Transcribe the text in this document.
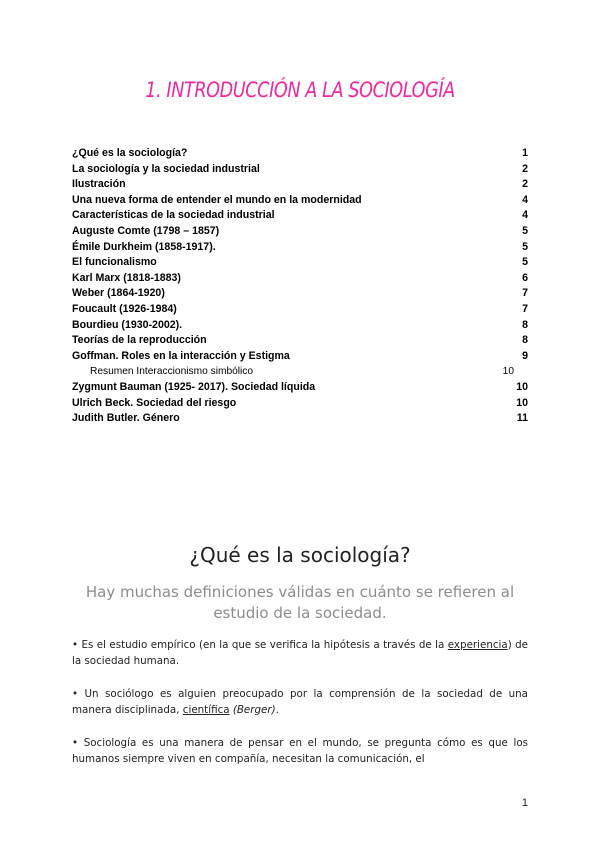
1. INTRODUCCIÓN A LA SOCIOLOGÍA
¿Qué es la sociología?	1
La sociología y la sociedad industrial	2
Ilustración	2
Una nueva forma de entender el mundo en la modernidad	4
Características de la sociedad industrial	4
Auguste Comte (1798 – 1857)	5
Émile Durkheim (1858-1917).	5
El funcionalismo	5
Karl Marx (1818-1883)	6
Weber (1864-1920)	7
Foucault (1926-1984)	7
Bourdieu (1930-2002).	8
Teorías de la reproducción	8
Goffman. Roles en la interacción y Estigma	9
Resumen Interaccionismo simbólico	10
Zygmunt Bauman (1925- 2017). Sociedad líquida	10
Ulrich Beck. Sociedad del riesgo	10
Judith Butler. Género	11
¿Qué es la sociología?
Hay muchas definiciones válidas en cuánto se refieren al estudio de la sociedad.

• Es el estudio empírico (en la que se verifica la hipótesis a través de la experiencia) de la sociedad humana.

• Un sociólogo es alguien preocupado por la comprensión de la sociedad de una manera disciplinada, científica (Berger).

• Sociología es una manera de pensar en el mundo, se pregunta cómo es que los humanos siempre viven en compañía, necesitan la comunicación, el

1
